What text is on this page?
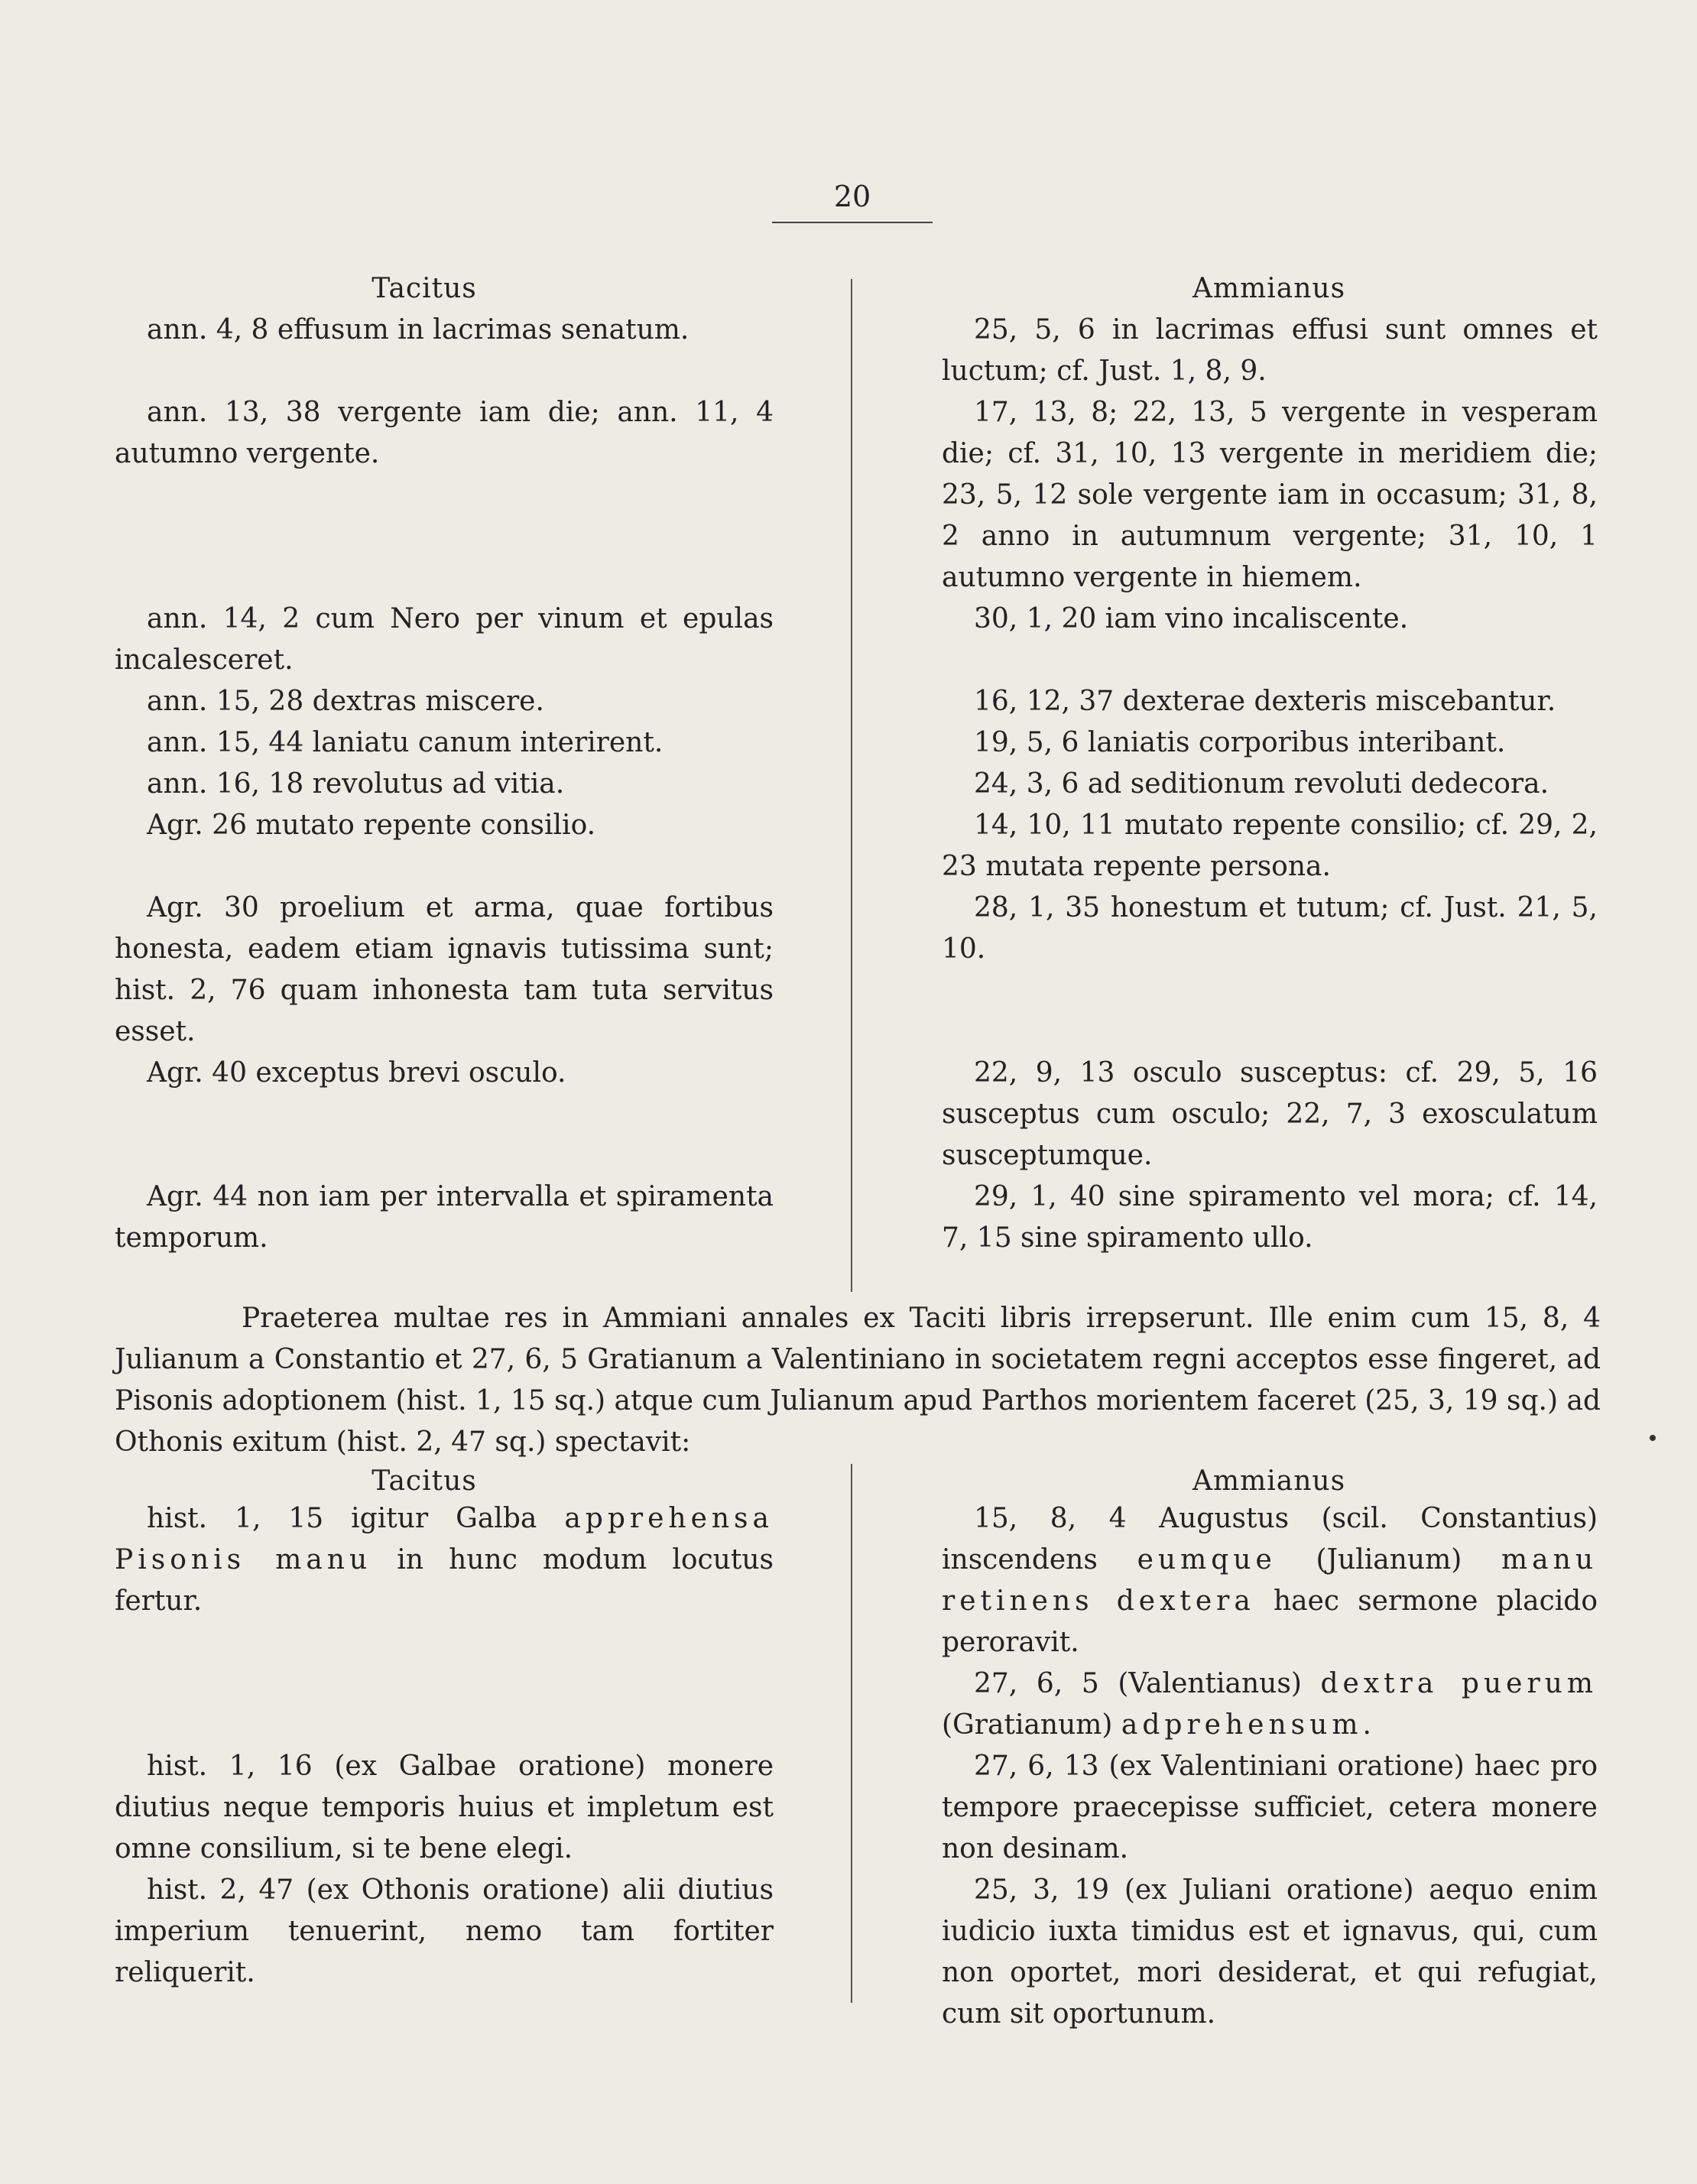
20
Tacitus	Ammianus

ann. 4, 8 effusum in lacrimas senatum.

ann. 13, 38 vergente iam die; ann. 11, 4 autumno vergente.

ann. 14, 2 cum Nero per vinum et epulas incalesceret.

ann. 15, 28 dextras miscere.

ann. 15, 44 laniatu canum interirent.

ann. 16, 18 revolutus ad vitia.

Agr. 26 mutato repente consilio.

Agr. 30 proelium et arma, quae fortibus honesta, eadem etiam ignavis tutissima sunt; hist. 2, 76 quam inhonesta tam tuta servitus esset.

Agr. 40 exceptus brevi osculo.

Agr. 44 non iam per intervalla et spiramenta temporum.

25, 5, 6 in lacrimas effusi sunt omnes et luctum; cf. Just. 1, 8, 9.

17, 13, 8; 22, 13, 5 vergente in vesperam die; cf. 31, 10, 13 vergente in meridiem die; 23, 5, 12 sole vergente iam in occasum; 31, 8, 2 anno in autumnum vergente; 31, 10, 1 autumno vergente in hiemem.

30, 1, 20 iam vino incaliscente.

16, 12, 37 dexterae dexteris miscebantur.

19, 5, 6 laniatis corporibus interibant.

24, 3, 6 ad seditionum revoluti dedecora.

14, 10, 11 mutato repente consilio; cf. 29, 2, 23 mutata repente persona.

28, 1, 35 honestum et tutum; cf. Just. 21, 5, 10.

22, 9, 13 osculo susceptus: cf. 29, 5, 16 susceptus cum osculo; 22, 7, 3 exosculatum susceptumque.

29, 1, 40 sine spiramento vel mora; cf. 14, 7, 15 sine spiramento ullo.

Praeterea multae res in Ammiani annales ex Taciti libris irrepserunt. Ille enim cum 15, 8, 4 Julianum a Constantio et 27, 6, 5 Gratianum a Valentiniano in societatem regni acceptos esse fingeret, ad Pisonis adoptionem (hist. 1, 15 sq.) atque cum Julianum apud Parthos morientem faceret (25, 3, 19 sq.) ad Othonis exitum (hist. 2, 47 sq.) spectavit:

Tacitus	Ammianus

hist. 1, 15 igitur Galba apprehensa Pisonis manu in hunc modum locutus fertur.

hist. 1, 16 (ex Galbae oratione) monere diutius neque temporis huius et impletum est omne consilium, si te bene elegi.

hist. 2, 47 (ex Othonis oratione) alii diutius imperium tenuerint, nemo tam fortiter reliquerit.

15, 8, 4 Augustus (scil. Constantius) inscendens eumque (Julianum) manu retinens dextera haec sermone placido peroravit.

27, 6, 5 (Valentianus) dextra puerum (Gratianum) adprehensum.

27, 6, 13 (ex Valentiniani oratione) haec pro tempore praecepisse sufficiet, cetera monere non desinam.

25, 3, 19 (ex Juliani oratione) aequo enim iudicio iuxta timidus est et ignavus, qui, cum non oportet, mori desiderat, et qui refugiat, cum sit oportunum.
